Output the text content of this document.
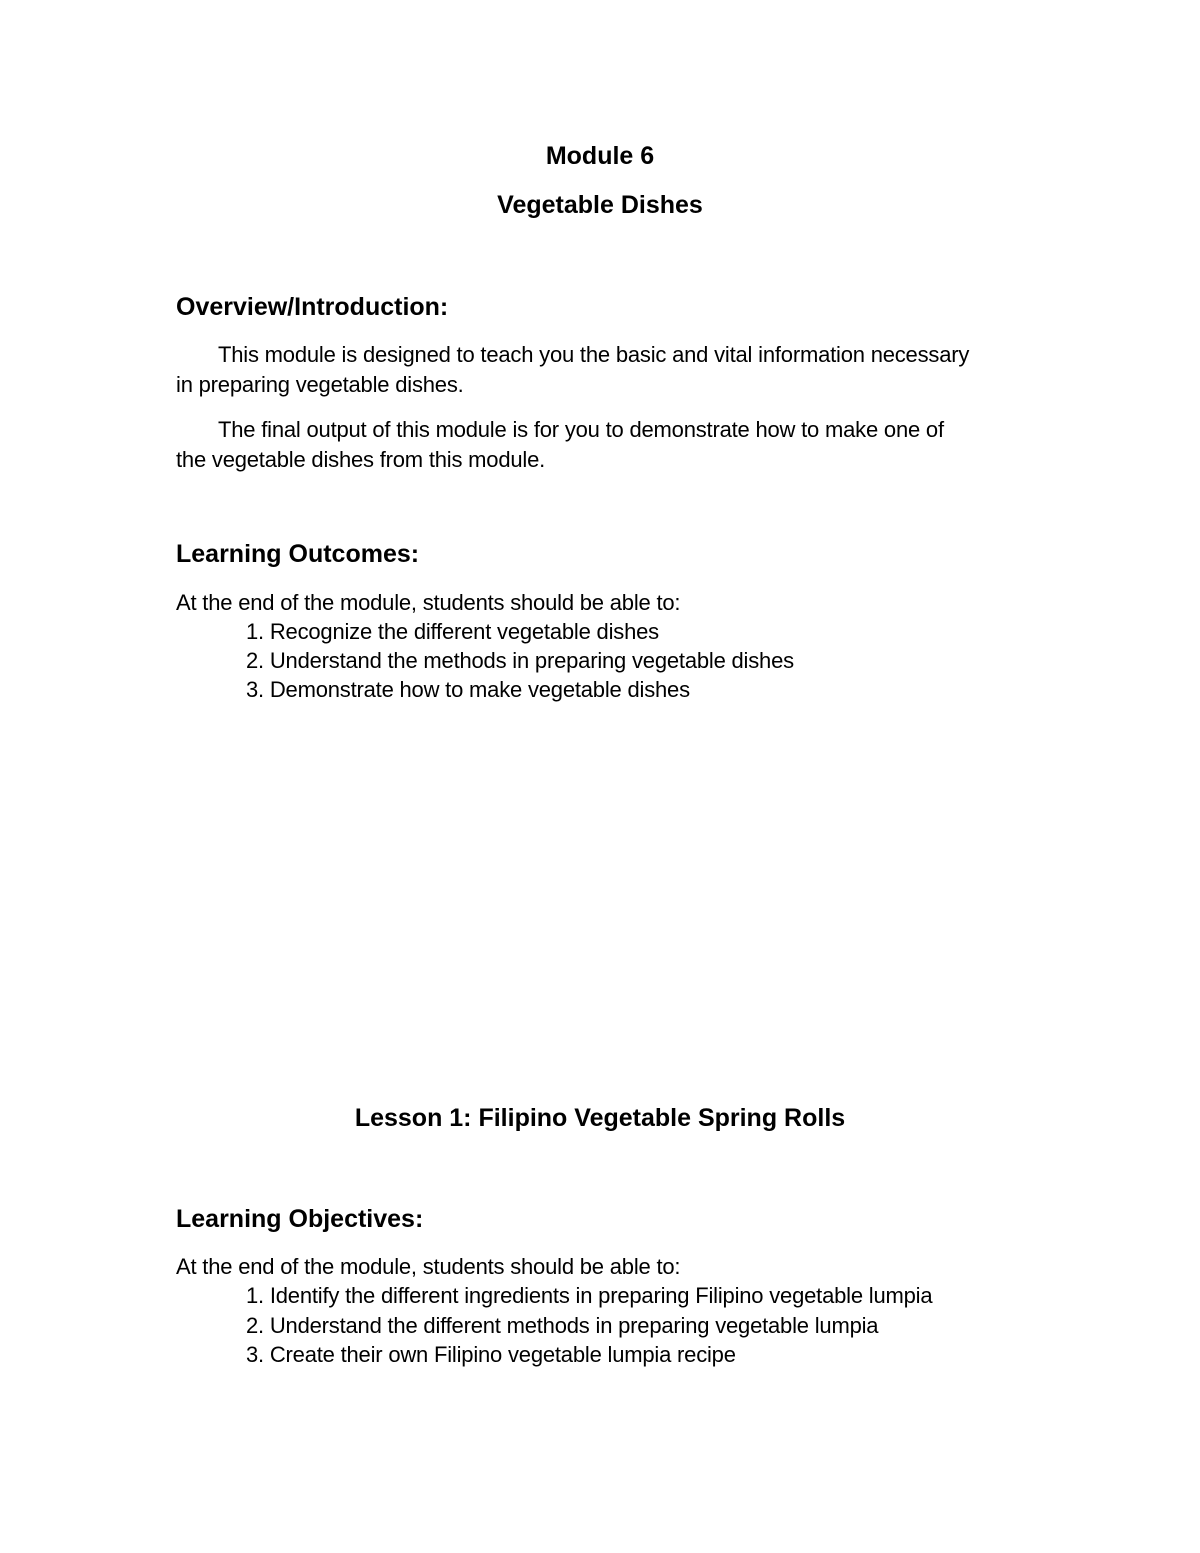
Module 6
Vegetable Dishes
Overview/Introduction:
This module is designed to teach you the basic and vital information necessary
in preparing vegetable dishes.
The final output of this module is for you to demonstrate how to make one of
the vegetable dishes from this module.
Learning Outcomes:
At the end of the module, students should be able to:
1. Recognize the different vegetable dishes
2. Understand the methods in preparing vegetable dishes
3. Demonstrate how to make vegetable dishes
Lesson 1: Filipino Vegetable Spring Rolls
Learning Objectives:
At the end of the module, students should be able to:
1. Identify the different ingredients in preparing Filipino vegetable lumpia
2. Understand the different methods in preparing vegetable lumpia
3. Create their own Filipino vegetable lumpia recipe
